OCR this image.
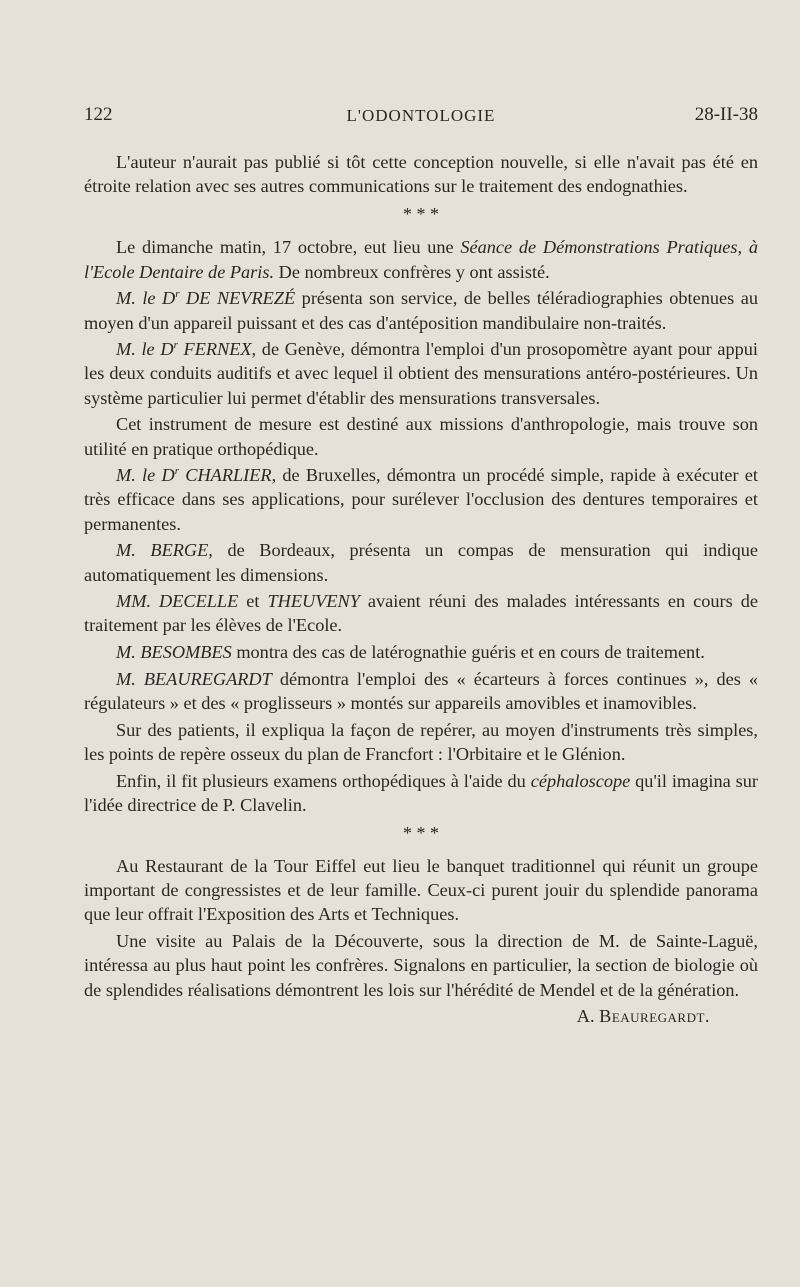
122	L'ODONTOLOGIE	28-II-38

L'auteur n'aurait pas publié si tôt cette conception nouvelle, si elle n'avait pas été en étroite relation avec ses autres communications sur le traitement des endognathies.

* * *

Le dimanche matin, 17 octobre, eut lieu une Séance de Démonstrations Pratiques, à l'Ecole Dentaire de Paris. De nombreux confrères y ont assisté.

M. le $D^r$ DE NEVREZÉ présenta son service, de belles téléradiographies obtenues au moyen d'un appareil puissant et des cas d'antéposition mandibulaire non-traités.

M. le $D^r$ FERNEX, de Genève, démontra l'emploi d'un prosopomètre ayant pour appui les deux conduits auditifs et avec lequel il obtient des mensurations antéro-postérieures. Un système particulier lui permet d'établir des mensurations transversales.

Cet instrument de mesure est destiné aux missions d'anthropologie, mais trouve son utilité en pratique orthopédique.

M. le $D^r$ CHARLIER, de Bruxelles, démontra un procédé simple, rapide à exécuter et très efficace dans ses applications, pour surélever l'occlusion des dentures temporaires et permanentes.

M. BERGE, de Bordeaux, présenta un compas de mensuration qui indique automatiquement les dimensions.

MM. DECELLE et THEUVENY avaient réuni des malades intéressants en cours de traitement par les élèves de l'Ecole.

M. BESOMBES montra des cas de latérognathie guéris et en cours de traitement.

M. BEAUREGARDT démontra l'emploi des « écarteurs à forces continues », des « régulateurs » et des « proglisseurs » montés sur appareils amovibles et inamovibles.

Sur des patients, il expliqua la façon de repérer, au moyen d'instruments très simples, les points de repère osseux du plan de Francfort : l'Orbitaire et le Glénion.

Enfin, il fit plusieurs examens orthopédiques à l'aide du céphaloscope qu'il imagina sur l'idée directrice de P. Clavelin.

* * *

Au Restaurant de la Tour Eiffel eut lieu le banquet traditionnel qui réunit un groupe important de congressistes et de leur famille. Ceux-ci purent jouir du splendide panorama que leur offrait l'Exposition des Arts et Techniques.

Une visite au Palais de la Découverte, sous la direction de M. de Sainte-Laguë, intéressa au plus haut point les confrères. Signalons en particulier, la section de biologie où de splendides réalisations démontrent les lois sur l'hérédité de Mendel et de la génération.

A. Beauregardt.
